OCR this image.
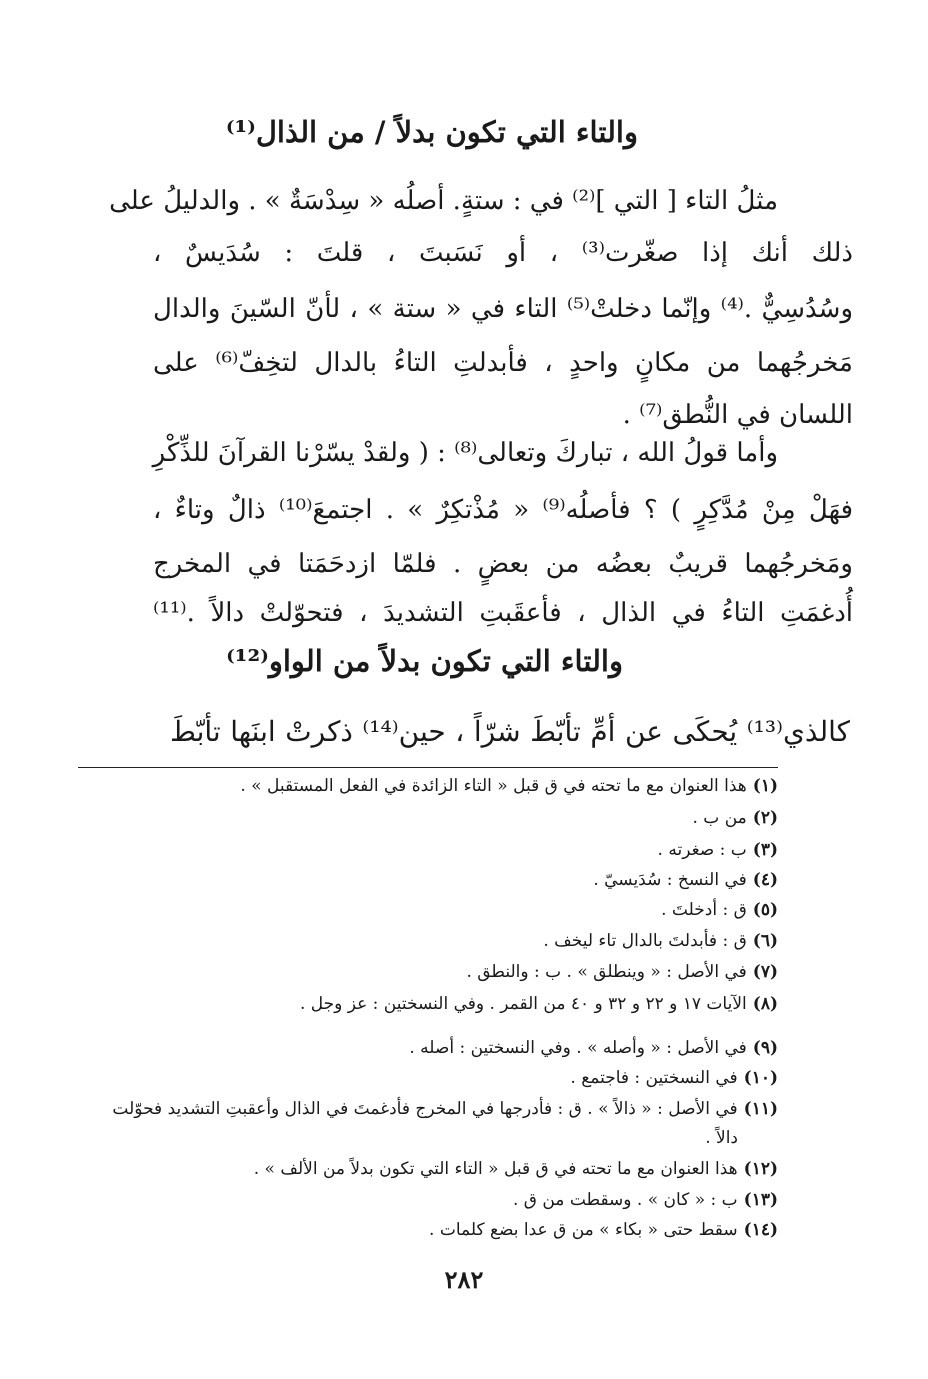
والتاء التي تكون بدلاً / من الذال⁽¹⁾
مثلُ التاء [ التي ]⁽²⁾ في : ستةٍ. أصلُه « سِدْسَةٌ » . والدليلُ على
ذلك أنك إذا صغّرت⁽³⁾ ، أو نَسَبتَ ، قلتَ : سُدَيسٌ ،
وسُدُسِيٌّ .⁽⁴⁾ وإنّما دخلتْ⁽⁵⁾ التاء في « ستة » ، لأنّ السّينَ والدال
مَخرجُهما من مكانٍ واحدٍ ، فأبدلتِ التاءُ بالدال لتخِفّ⁽⁶⁾ على
اللسان في النُّطق⁽⁷⁾ .
وأما قولُ الله ، تباركَ وتعالى⁽⁸⁾ : ( ولقدْ يسّرْنا القرآنَ للذِّكْرِ
فهَلْ مِنْ مُدَّكِرٍ ) ؟ فأصلُه⁽⁹⁾ « مُذْتكِرٌ » . اجتمعَ⁽¹⁰⁾ ذالٌ وتاءٌ ،
ومَخرجُهما قريبٌ بعضُه من بعضٍ . فلمّا ازدحَمَتا في المخرج
أُدغمَتِ التاءُ في الذال ، فأعقَبتِ التشديدَ ، فتحوّلتْ دالاً .⁽¹¹⁾
والتاء التي تكون بدلاً من الواو⁽¹²⁾
كالذي⁽¹³⁾ يُحكَى عن أمِّ تأبّطَ شرّاً ، حين⁽¹⁴⁾ ذكرتْ ابنَها تأبّطَ
(١)هذا العنوان مع ما تحته في ق قبل « التاء الزائدة في الفعل المستقبل » .
(٢)من ب .
(٣)ب : صغرته .
(٤)في النسخ : سُدَيسيّ .
(٥)ق : أدخلتَ .
(٦)ق : فأبدلتَ بالدال تاء ليخف .
(٧)في الأصل : « وينطلق » . ب : والنطق .
(٨)الآيات ١٧ و ٢٢ و ٣٢ و ٤٠ من القمر . وفي النسختين : عز وجل .
(٩)في الأصل : « وأصله » . وفي النسختين : أصله .
(١٠)في النسختين : فاجتمع .
(١١)في الأصل : « ذالاً » . ق : فأدرجها في المخرج فأدغمتَ في الذال وأعقبتِ التشديد فحوّلت
دالاً .
(١٢)هذا العنوان مع ما تحته في ق قبل « التاء التي تكون بدلاً من الألف » .
(١٣)ب : « كان » . وسقطت من ق .
(١٤)سقط حتى « بكاء » من ق عدا بضع كلمات .
٢٨٢
